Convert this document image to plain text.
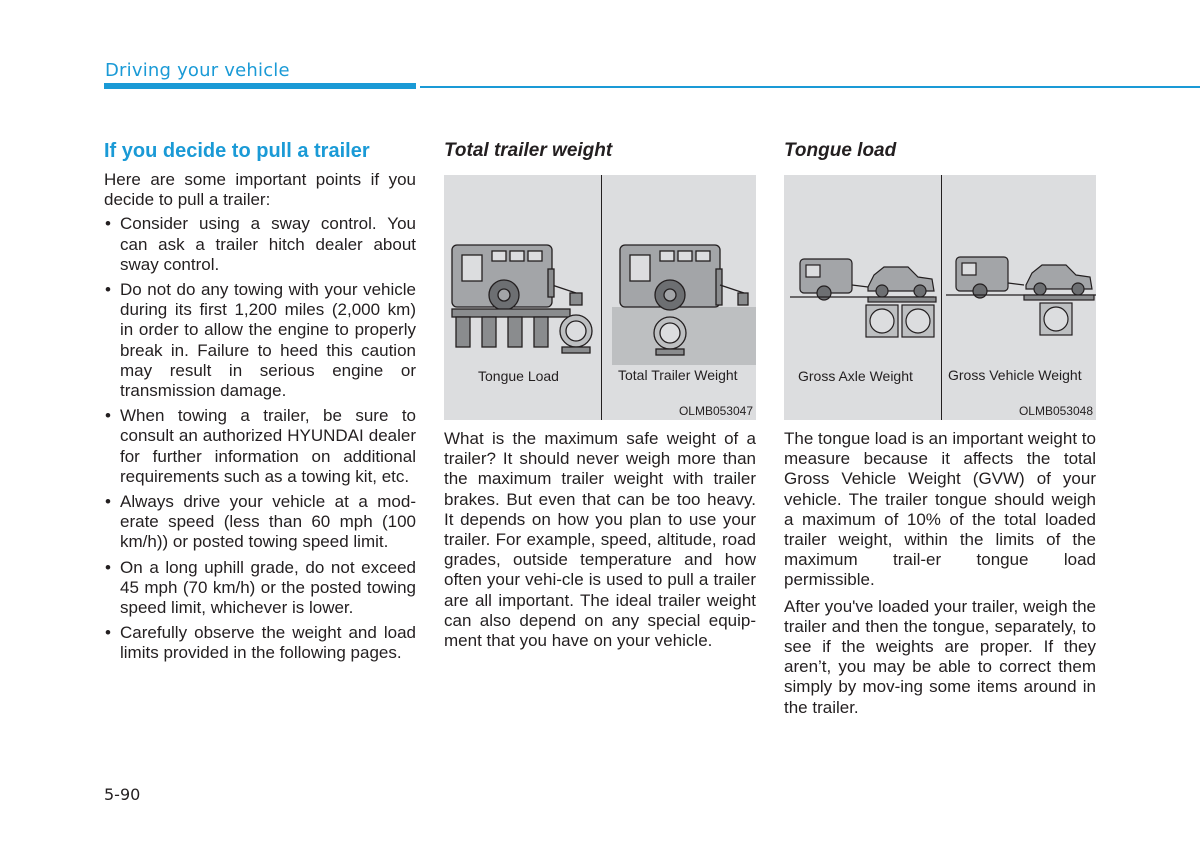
Driving your vehicle
If you decide to pull a trailer

Here are some important points if you decide to pull a trailer:

• Consider using a sway control. You can ask a trailer hitch dealer about sway control.
• Do not do any towing with your vehicle during its first 1,200 miles (2,000 km) in order to allow the engine to properly break in. Failure to heed this caution may result in serious engine or transmission damage.
• When towing a trailer, be sure to consult an authorized HYUNDAI dealer for further information on additional requirements such as a towing kit, etc.
• Always drive your vehicle at a mod-erate speed (less than 60 mph (100 km/h)) or posted towing speed limit.
• On a long uphill grade, do not exceed 45 mph (70 km/h) or the posted towing speed limit, whichever is lower.
• Carefully observe the weight and load limits provided in the following pages.
Total trailer weight
Tongue Load	Total Trailer Weight
OLMB053047

What is the maximum safe weight of a trailer? It should never weigh more than the maximum trailer weight with trailer brakes. But even that can be too heavy. It depends on how you plan to use your trailer. For example, speed, altitude, road grades, outside temperature and how often your vehi-cle is used to pull a trailer are all important. The ideal trailer weight can also depend on any special equip-ment that you have on your vehicle.

Tongue load
Gross Axle Weight	Gross Vehicle Weight
OLMB053048

The tongue load is an important weight to measure because it affects the total Gross Vehicle Weight (GVW) of your vehicle. The trailer tongue should weigh a maximum of 10% of the total loaded trailer weight, within the limits of the maximum trail-er tongue load permissible.

After you've loaded your trailer, weigh the trailer and then the tongue, separately, to see if the weights are proper. If they aren’t, you may be able to correct them simply by mov-ing some items around in the trailer.

5-90
